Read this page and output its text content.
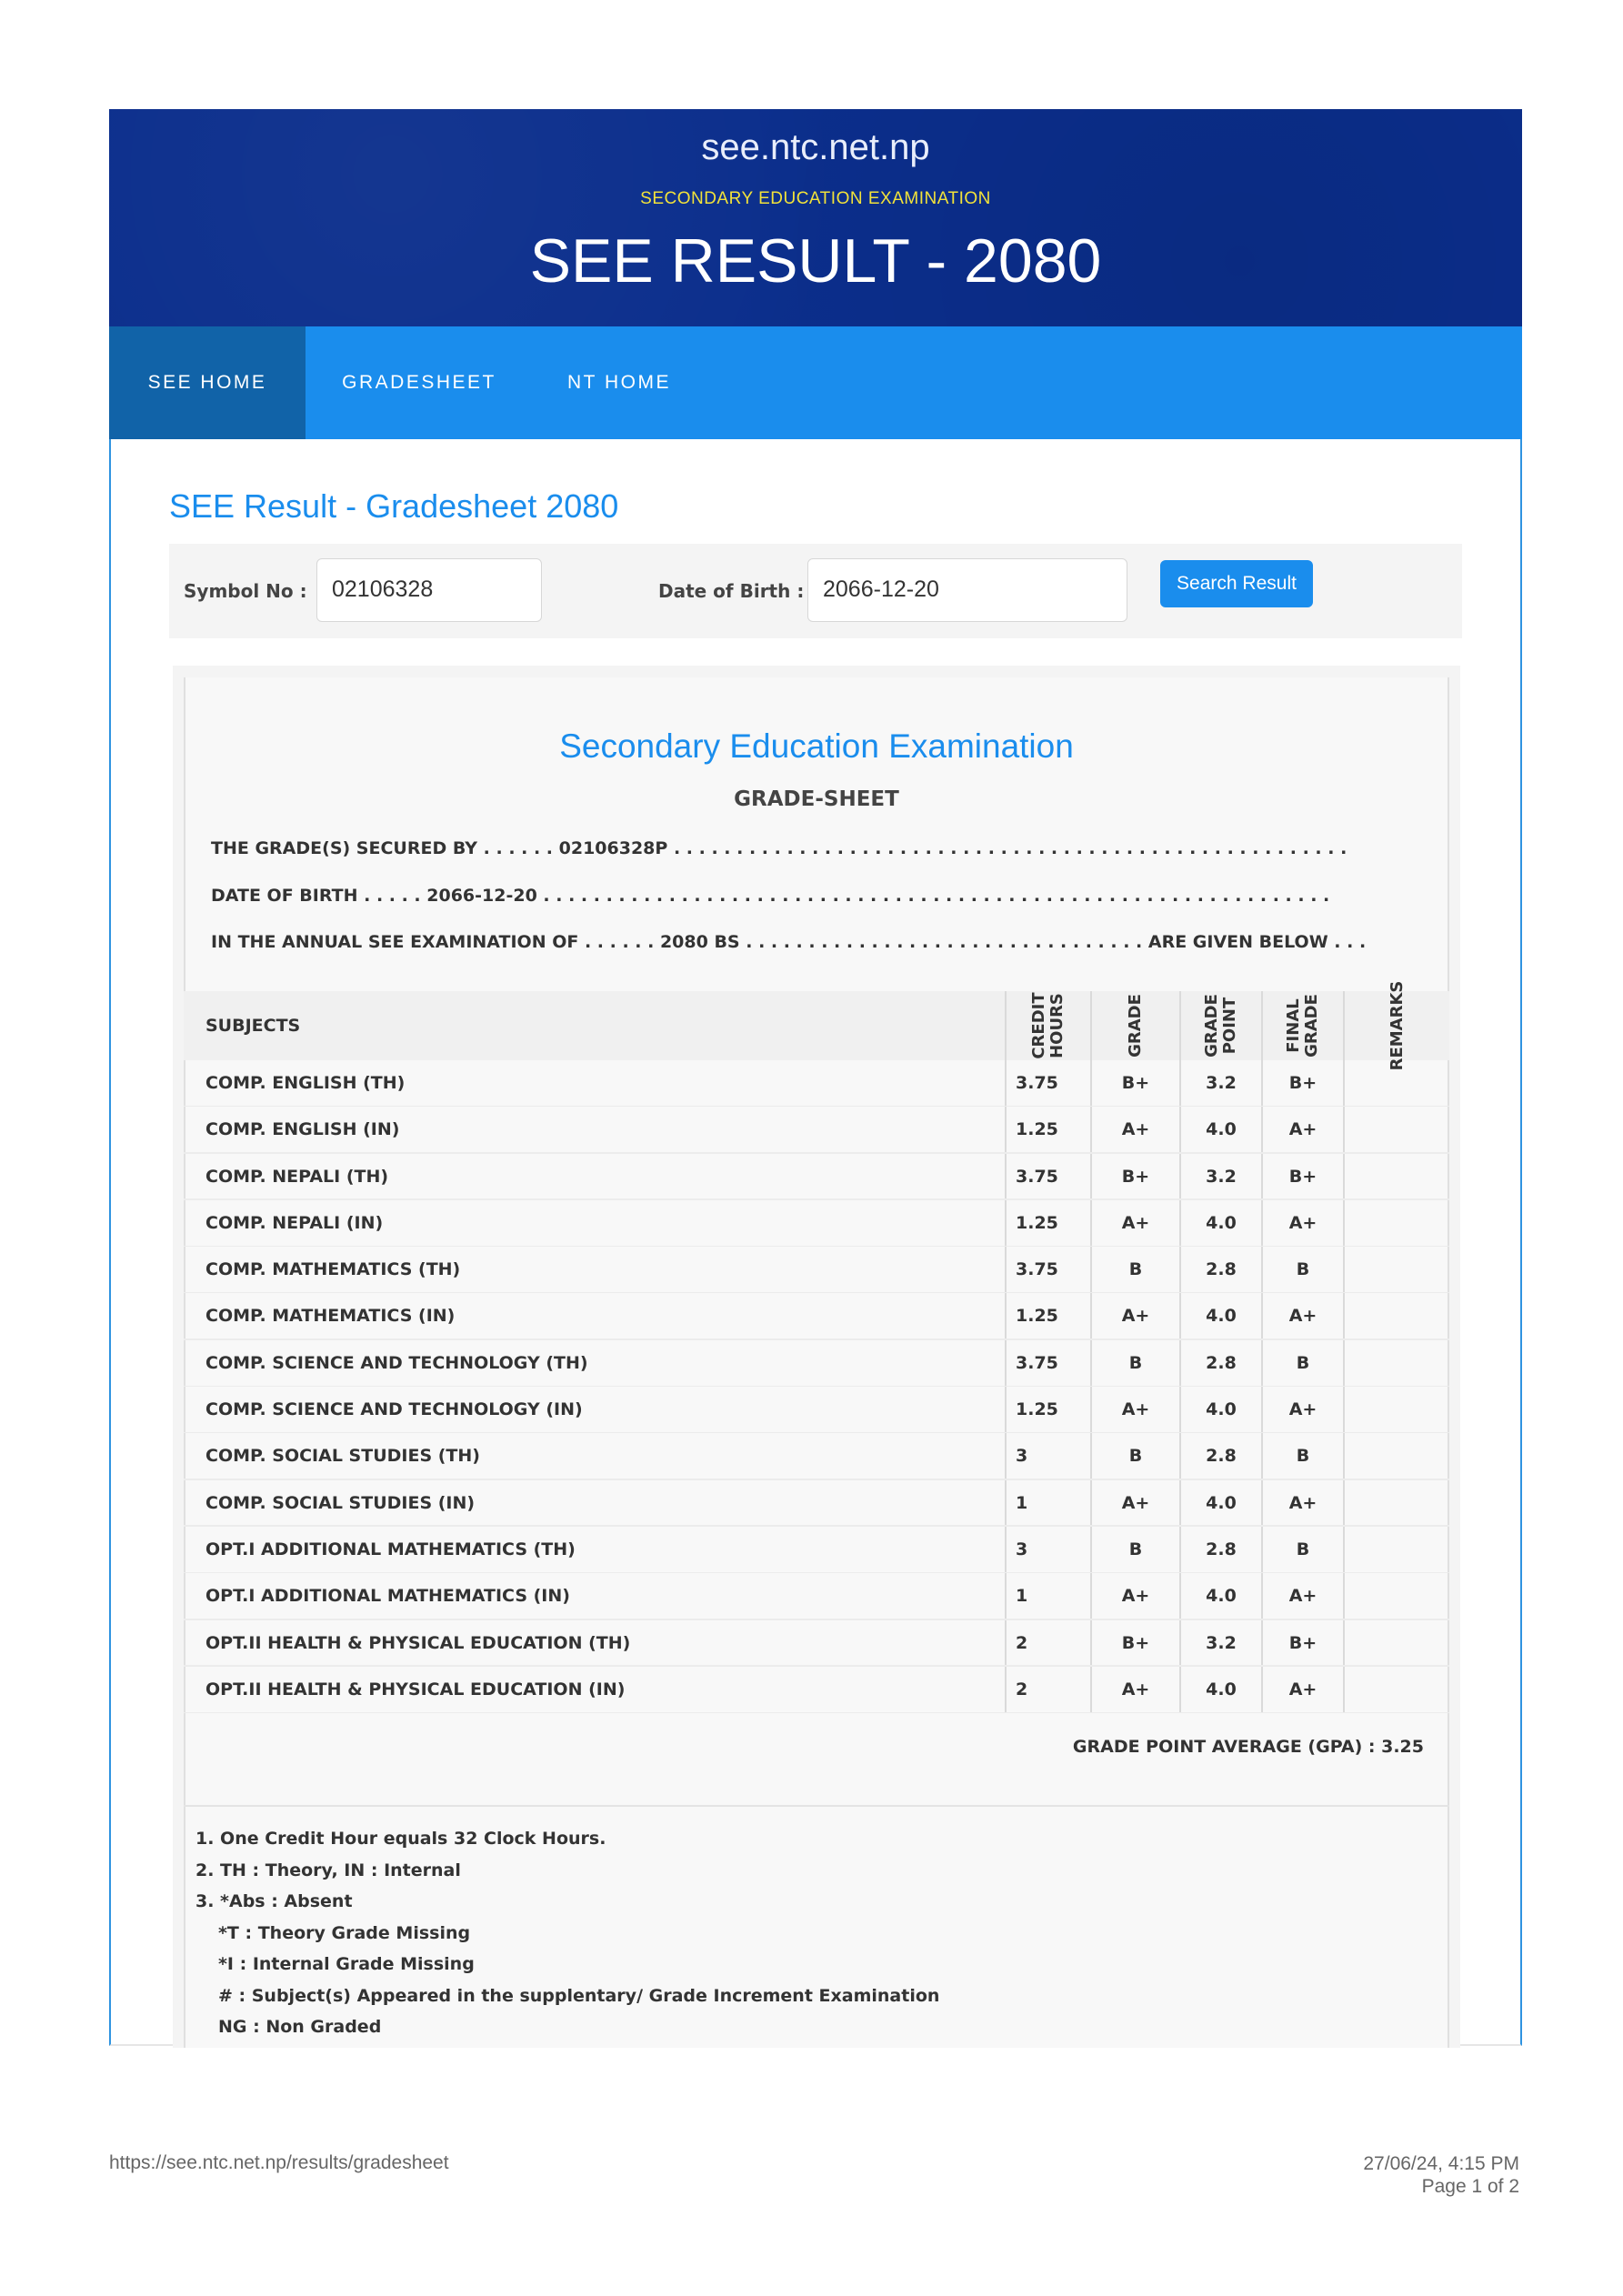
see.ntc.net.np
SECONDARY EDUCATION EXAMINATION
SEE RESULT - 2080
SEE HOME	GRADESHEET	NT HOME
SEE Result - Gradesheet 2080
Symbol No :	02106328	Date of Birth : 2066-12-20	Search Result
Secondary Education Examination
GRADE-SHEET
THE GRADE(S) SECURED BY . . . . . . 02106328P . . . . . . . . . . . . . . . . . . . . . . . . . . . . . . . . . . . . . . . . . . . . . . . . . . . . . .
DATE OF BIRTH . . . . . 2066-12-20 . . . . . . . . . . . . . . . . . . . . . . . . . . . . . . . . . . . . . . . . . . . . . . . . . . . . . . . . . . . . . . .
IN THE ANNUAL SEE EXAMINATION OF . . . . . . 2080 BS . . . . . . . . . . . . . . . . . . . . . . . . . . . . . . . . ARE GIVEN BELOW . . .
SUBJECTS	CREDIT HOURS	GRADE	GRADE POINT	FINAL GRADE	REMARKS
COMP. ENGLISH (TH)	3.75	B+	3.2	B+
COMP. ENGLISH (IN)	1.25	A+	4.0	A+
COMP. NEPALI (TH)	3.75	B+	3.2	B+
COMP. NEPALI (IN)	1.25	A+	4.0	A+
COMP. MATHEMATICS (TH)	3.75	B	2.8	B
COMP. MATHEMATICS (IN)	1.25	A+	4.0	A+
COMP. SCIENCE AND TECHNOLOGY (TH)	3.75	B	2.8	B
COMP. SCIENCE AND TECHNOLOGY (IN)	1.25	A+	4.0	A+
COMP. SOCIAL STUDIES (TH)	3	B	2.8	B
COMP. SOCIAL STUDIES (IN)	1	A+	4.0	A+
OPT.I ADDITIONAL MATHEMATICS (TH)	3	B	2.8	B
OPT.I ADDITIONAL MATHEMATICS (IN)	1	A+	4.0	A+
OPT.II HEALTH & PHYSICAL EDUCATION (TH)	2	B+	3.2	B+
OPT.II HEALTH & PHYSICAL EDUCATION (IN)	2	A+	4.0	A+
GRADE POINT AVERAGE (GPA) : 3.25
1. One Credit Hour equals 32 Clock Hours.
2. TH : Theory, IN : Internal
3. *Abs : Absent
*T : Theory Grade Missing
*I : Internal Grade Missing
# : Subject(s) Appeared in the supplentary/ Grade Increment Examination
NG : Non Graded
https://see.ntc.net.np/results/gradesheet	27/06/24, 4:15 PM
Page 1 of 2
